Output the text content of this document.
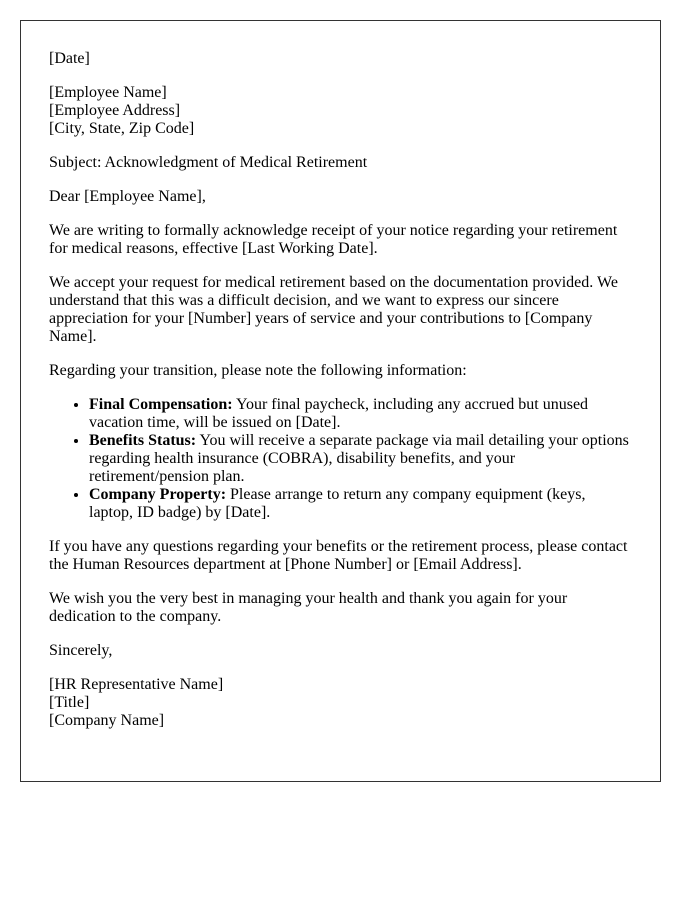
[Date]

[Employee Name]
[Employee Address]
[City, State, Zip Code]

Subject: Acknowledgment of Medical Retirement

Dear [Employee Name],

We are writing to formally acknowledge receipt of your notice regarding your retirement for medical reasons, effective [Last Working Date].

We accept your request for medical retirement based on the documentation provided. We understand that this was a difficult decision, and we want to express our sincere appreciation for your [Number] years of service and your contributions to [Company Name].

Regarding your transition, please note the following information:

• Final Compensation: Your final paycheck, including any accrued but unused vacation time, will be issued on [Date].
• Benefits Status: You will receive a separate package via mail detailing your options regarding health insurance (COBRA), disability benefits, and your retirement/pension plan.
• Company Property: Please arrange to return any company equipment (keys, laptop, ID badge) by [Date].

If you have any questions regarding your benefits or the retirement process, please contact the Human Resources department at [Phone Number] or [Email Address].

We wish you the very best in managing your health and thank you again for your dedication to the company.

Sincerely,

[HR Representative Name]
[Title]
[Company Name]
